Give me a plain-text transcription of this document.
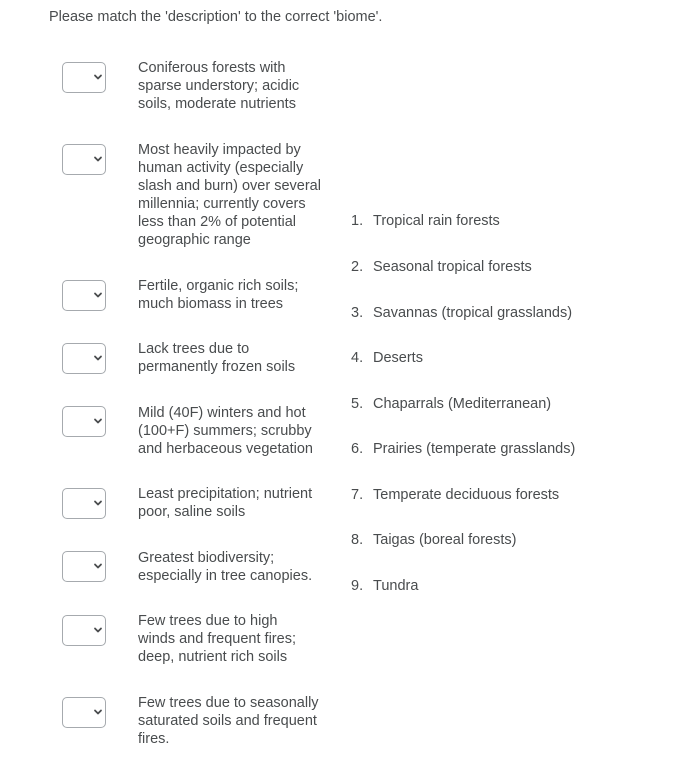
Please match the 'description' to the correct 'biome'.
Coniferous forests with
sparse understory; acidic
soils, moderate nutrients
Most heavily impacted by
human activity (especially
slash and burn) over several
millennia; currently covers
less than 2% of potential
geographic range
Fertile, organic rich soils;
much biomass in trees
Lack trees due to
permanently frozen soils
Mild (40F) winters and hot
(100+F) summers; scrubby
and herbaceous vegetation
Least precipitation; nutrient
poor, saline soils
Greatest biodiversity;
especially in tree canopies.
Few trees due to high
winds and frequent fires;
deep, nutrient rich soils
Few trees due to seasonally
saturated soils and frequent
fires.
1. Tropical rain forests
2. Seasonal tropical forests
3. Savannas (tropical grasslands)
4. Deserts
5. Chaparrals (Mediterranean)
6. Prairies (temperate grasslands)
7. Temperate deciduous forests
8. Taigas (boreal forests)
9. Tundra
